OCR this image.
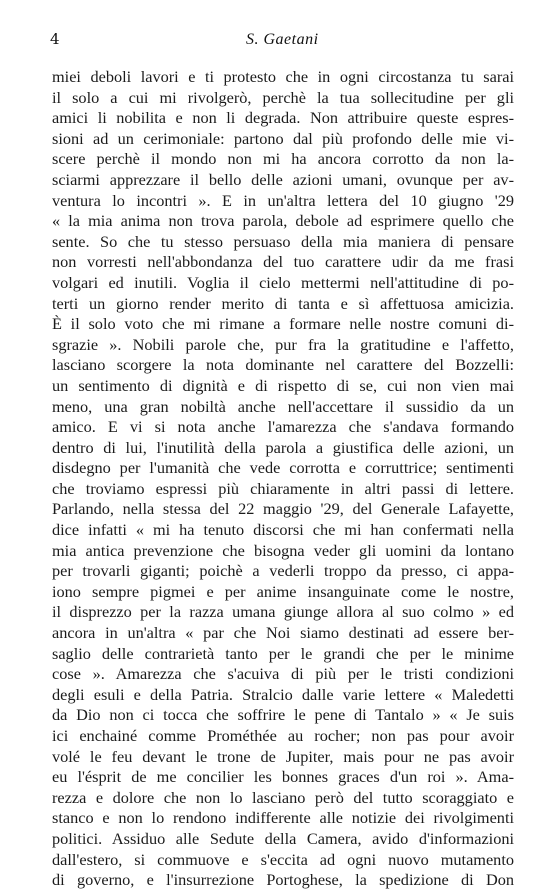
4	S. Gaetani
miei deboli lavori e ti protesto che in ogni circostanza tu sarai
il solo a cui mi rivolgerò, perchè la tua sollecitudine per gli
amici li nobilita e non li degrada. Non attribuire queste espres-
sioni ad un cerimoniale: partono dal più profondo delle mie vi-
scere perchè il mondo non mi ha ancora corrotto da non la-
sciarmi apprezzare il bello delle azioni umani, ovunque per av-
ventura lo incontri ». E in un'altra lettera del 10 giugno '29
« la mia anima non trova parola, debole ad esprimere quello che
sente. So che tu stesso persuaso della mia maniera di pensare
non vorresti nell'abbondanza del tuo carattere udir da me frasi
volgari ed inutili. Voglia il cielo mettermi nell'attitudine di po-
terti un giorno render merito di tanta e sì affettuosa amicizia.
È il solo voto che mi rimane a formare nelle nostre comuni di-
sgrazie ». Nobili parole che, pur fra la gratitudine e l'affetto,
lasciano scorgere la nota dominante nel carattere del Bozzelli:
un sentimento di dignità e di rispetto di se, cui non vien mai
meno, una gran nobiltà anche nell'accettare il sussidio da un
amico. E vi si nota anche l'amarezza che s'andava formando
dentro di lui, l'inutilità della parola a giustifica delle azioni, un
disdegno per l'umanità che vede corrotta e corruttrice; sentimenti
che troviamo espressi più chiaramente in altri passi di lettere.
Parlando, nella stessa del 22 maggio '29, del Generale Lafayette,
dice infatti « mi ha tenuto discorsi che mi han confermati nella
mia antica prevenzione che bisogna veder gli uomini da lontano
per trovarli giganti; poichè a vederli troppo da presso, ci appa-
iono sempre pigmei e per anime insanguinate come le nostre,
il disprezzo per la razza umana giunge allora al suo colmo » ed
ancora in un'altra « par che Noi siamo destinati ad essere ber-
saglio delle contrarietà tanto per le grandi che per le minime
cose ». Amarezza che s'acuiva di più per le tristi condizioni
degli esuli e della Patria. Stralcio dalle varie lettere « Maledetti
da Dio non ci tocca che soffrire le pene di Tantalo » « Je suis
ici enchainé comme Prométhée au rocher; non pas pour avoir
volé le feu devant le trone de Jupiter, mais pour ne pas avoir
eu l'ésprit de me concilier les bonnes graces d'un roi ». Ama-
rezza e dolore che non lo lasciano però del tutto scoraggiato e
stanco e non lo rendono indifferente alle notizie dei rivolgimenti
politici. Assiduo alle Sedute della Camera, avido d'informazioni
dall'estero, si commuove e s'eccita ad ogni nuovo mutamento
di governo, e l'insurrezione Portoghese, la spedizione di Don
